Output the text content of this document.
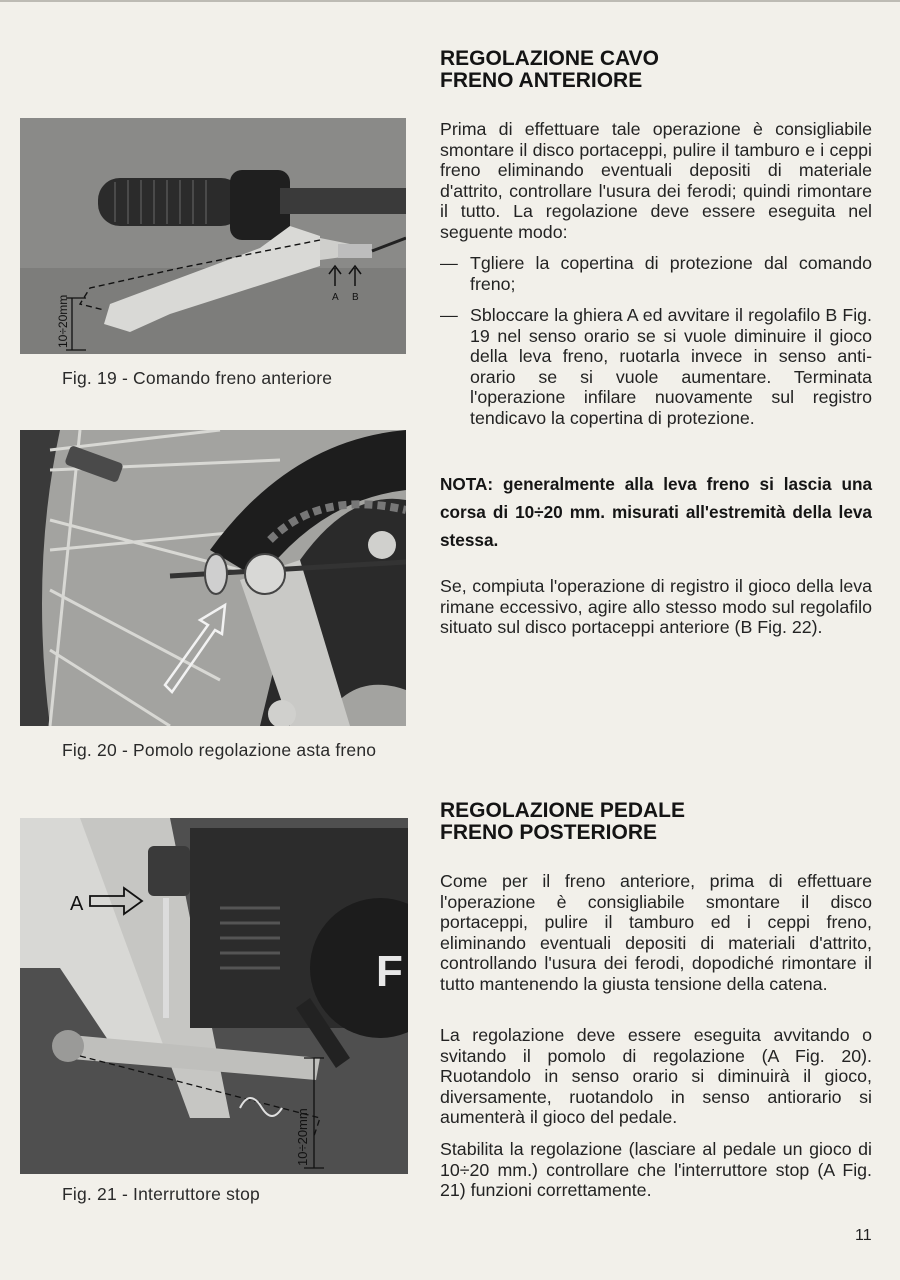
A B
10÷20mm
Fig. 19 - Comando freno anteriore
Fig. 20 - Pomolo regolazione asta freno
F
A
10÷20mm
Fig. 21 - Interruttore stop
REGOLAZIONE CAVO
FRENO ANTERIORE

Prima di effettuare tale operazione è consigliabile smontare il disco portaceppi, pulire il tamburo e i ceppi freno eliminando eventuali depositi di materiale d'attrito, controllare l'usura dei ferodi; quindi rimontare il tutto. La regolazione deve essere eseguita nel seguente modo:

— Tgliere la copertina di protezione dal comando freno;

— Sbloccare la ghiera A ed avvitare il regolafilo B Fig. 19 nel senso orario se si vuole diminuire il gioco della leva freno, ruotarla invece in senso anti-orario se si vuole aumentare. Terminata l'operazione infilare nuovamente sul registro tendicavo la copertina di protezione.

NOTA: generalmente alla leva freno si lascia una corsa di 10÷20 mm. misurati all'estremità della leva stessa.

Se, compiuta l'operazione di registro il gioco della leva rimane eccessivo, agire allo stesso modo sul regolafilo situato sul disco portaceppi anteriore (B Fig. 22).

REGOLAZIONE PEDALE
FRENO POSTERIORE

Come per il freno anteriore, prima di effettuare l'operazione è consigliabile smontare il disco portaceppi, pulire il tamburo ed i ceppi freno, eliminando eventuali depositi di materiali d'attrito, controllando l'usura dei ferodi, dopodiché rimontare il tutto mantenendo la giusta tensione della catena.

La regolazione deve essere eseguita avvitando o svitando il pomolo di regolazione (A Fig. 20). Ruotandolo in senso orario si diminuirà il gioco, diversamente, ruotandolo in senso antiorario si aumenterà il gioco del pedale.

Stabilita la regolazione (lasciare al pedale un gioco di 10÷20 mm.) controllare che l'interruttore stop (A Fig. 21) funzioni correttamente.

11
